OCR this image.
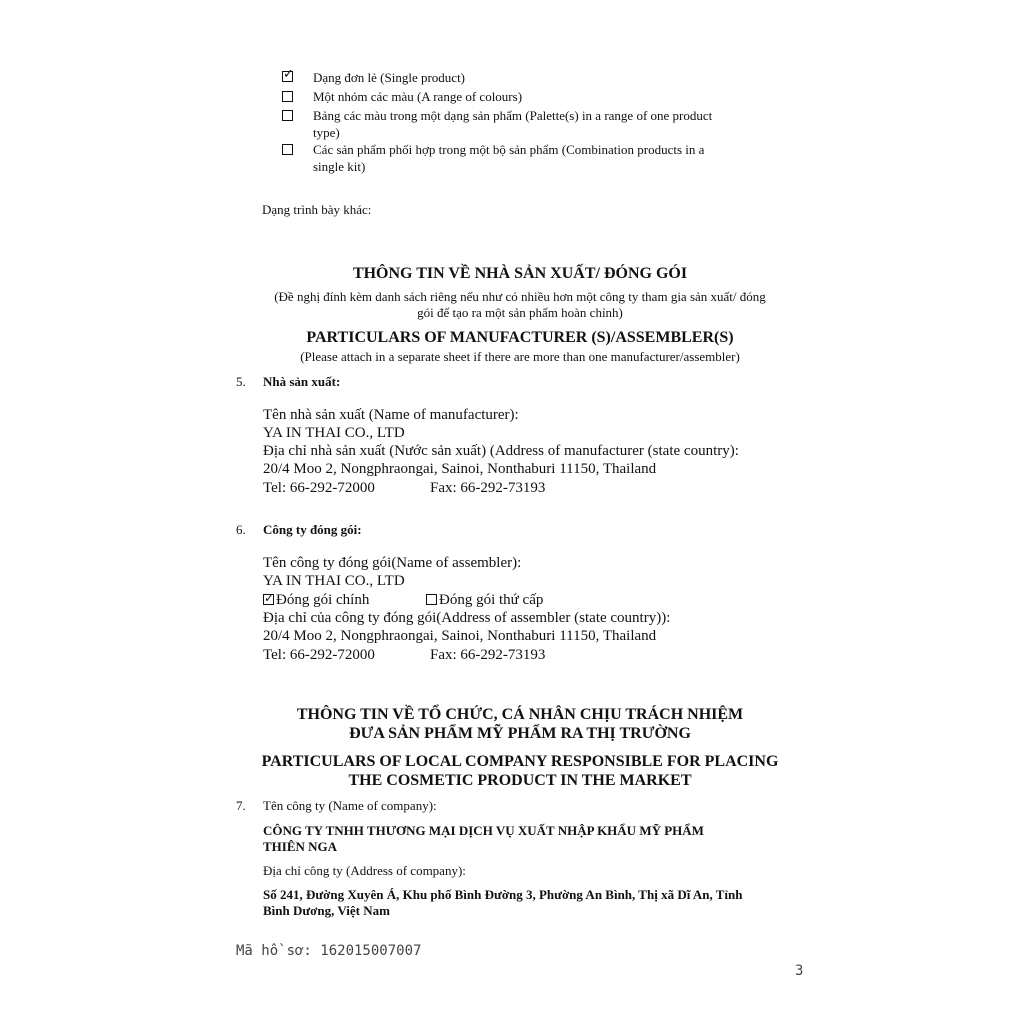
✓ Dạng đơn lẻ (Single product)
Một nhóm các màu (A range of colours)
Bảng các màu trong một dạng sản phẩm (Palette(s) in a range of one product
type)
Các sản phẩm phối hợp trong một bộ sản phẩm (Combination products in a
single kit)
Dạng trình bày khác:
THÔNG TIN VỀ NHÀ SẢN XUẤT/ ĐÓNG GÓI
(Đề nghị đính kèm danh sách riêng nếu như có nhiều hơn một công ty tham gia sản xuất/ đóng
gói để tạo ra một sản phẩm hoàn chỉnh)
PARTICULARS OF MANUFACTURER (S)/ASSEMBLER(S)
(Please attach in a separate sheet if there are more than one manufacturer/assembler)
5. Nhà sản xuất:
Tên nhà sản xuất (Name of manufacturer):
YA IN THAI CO., LTD
Địa chỉ nhà sản xuất (Nước sản xuất) (Address of manufacturer (state country):
20/4 Moo 2, Nongphraongai, Sainoi, Nonthaburi 11150, Thailand
Tel: 66-292-72000	Fax: 66-292-73193
6. Công ty đóng gói:
Tên công ty đóng gói(Name of assembler):
YA IN THAI CO., LTD
✓ Đóng gói chính	Đóng gói thứ cấp
Địa chỉ của công ty đóng gói(Address of assembler (state country)):
20/4 Moo 2, Nongphraongai, Sainoi, Nonthaburi 11150, Thailand
Tel: 66-292-72000	Fax: 66-292-73193
THÔNG TIN VỀ TỔ CHỨC, CÁ NHÂN CHỊU TRÁCH NHIỆM
ĐƯA SẢN PHẨM MỸ PHẨM RA THỊ TRƯỜNG
PARTICULARS OF LOCAL COMPANY RESPONSIBLE FOR PLACING
THE COSMETIC PRODUCT IN THE MARKET
7. Tên công ty (Name of company):
CÔNG TY TNHH THƯƠNG MẠI DỊCH VỤ XUẤT NHẬP KHẨU MỸ PHẨM
THIÊN NGA
Địa chỉ công ty (Address of company):
Số 241, Đường Xuyên Á, Khu phố Bình Đường 3, Phường An Bình, Thị xã Dĩ An, Tỉnh
Bình Dương, Việt Nam
Mã hồ sơ: 162015007007
3
